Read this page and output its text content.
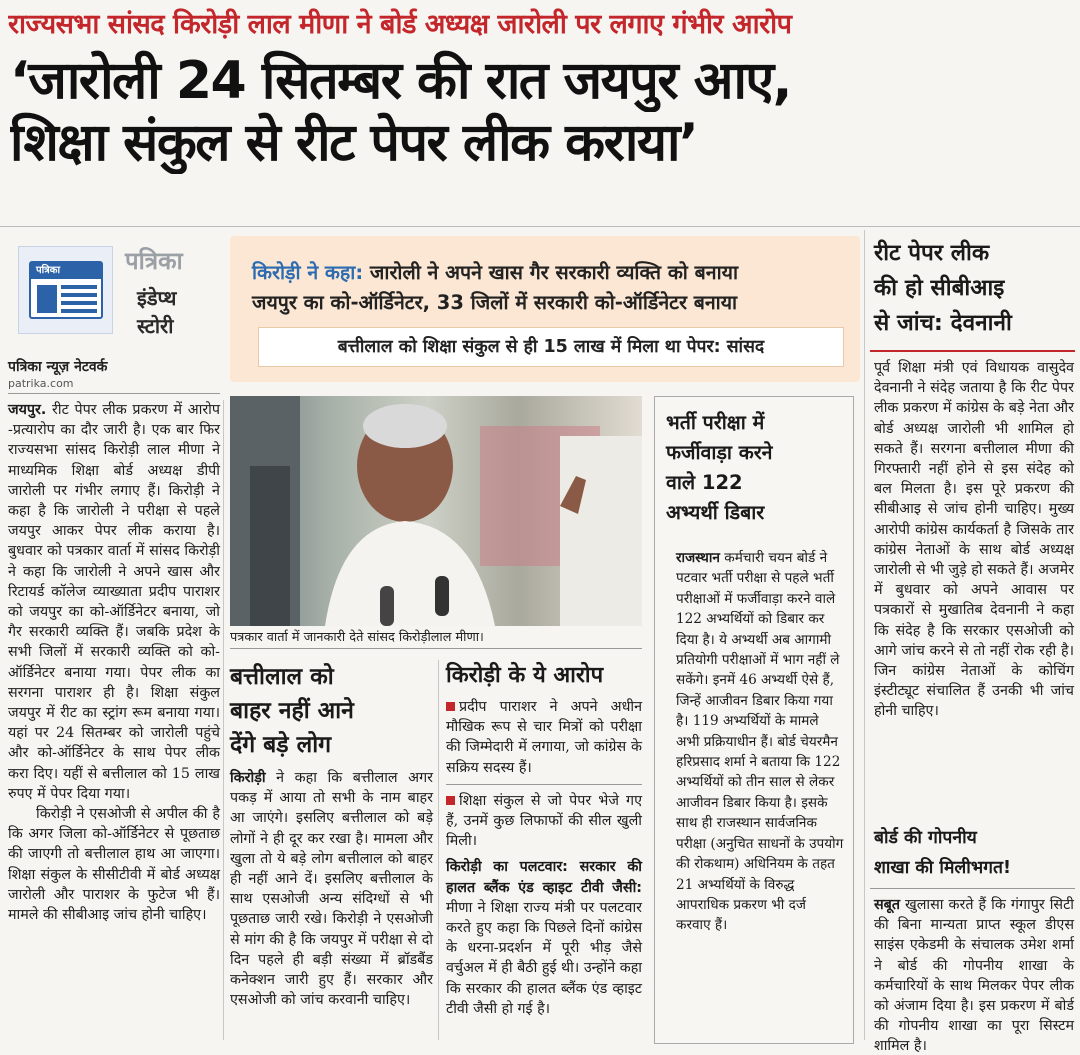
राज्यसभा सांसद किरोड़ी लाल मीणा ने बोर्ड अध्यक्ष जारोली पर लगाए गंभीर आरोप
‘जारोली 24 सितम्बर की रात जयपुर आए,
शिक्षा संकुल से रीट पेपर लीक कराया’
पत्रिका	पत्रिका
इंडेप्थ
स्टोरी
पत्रिका न्यूज़ नेटवर्क
patrika.com
किरोड़ी ने कहा: जारोली ने अपने खास गैर सरकारी व्यक्ति को बनाया
जयपुर का को-ऑर्डिनेटर, 33 जिलों में सरकारी को-ऑर्डिनेटर बनाया
बत्तीलाल को शिक्षा संकुल से ही 15 लाख में मिला था पेपर: सांसद
पत्रकार वार्ता में जानकारी देते सांसद किरोड़ीलाल मीणा।

जयपुर. रीट पेपर लीक प्रकरण में आरोप -प्रत्यारोप का दौर जारी है। एक बार फिर राज्यसभा सांसद किरोड़ी लाल मीणा ने माध्यमिक शिक्षा बोर्ड अध्यक्ष डीपी जारोली पर गंभीर लगाए हैं। किरोड़ी ने कहा है कि जारोली ने परीक्षा से पहले जयपुर आकर पेपर लीक कराया है। बुधवार को पत्रकार वार्ता में सांसद किरोड़ी ने कहा कि जारोली ने अपने खास और रिटायर्ड कॉलेज व्याख्याता प्रदीप पाराशर को जयपुर का को-ऑर्डिनेटर बनाया, जो गैर सरकारी व्यक्ति हैं। जबकि प्रदेश के सभी जिलों में सरकारी व्यक्ति को को-ऑर्डिनेटर बनाया गया। पेपर लीक का सरगना पाराशर ही है। शिक्षा संकुल जयपुर में रीट का स्ट्रांग रूम बनाया गया। यहां पर 24 सितम्बर को जारोली पहुंचे और को-ऑर्डिनेटर के साथ पेपर लीक करा दिए। यहीं से बत्तीलाल को 15 लाख रुपए में पेपर दिया गया।

किरोड़ी ने एसओजी से अपील की है कि अगर जिला को-ऑर्डिनेटर से पूछताछ की जाएगी तो बत्तीलाल हाथ आ जाएगा। शिक्षा संकुल के सीसीटीवी में बोर्ड अध्यक्ष जारोली और पाराशर के फुटेज भी हैं।मामले की सीबीआइ जांच होनी चाहिए।

बत्तीलाल को
बाहर नहीं आने
देंगे बड़े लोग

किरोड़ी ने कहा कि बत्तीलाल अगर पकड़ में आया तो सभी के नाम बाहर आ जाएंगे। इसलिए बत्तीलाल को बड़े लोगों ने ही दूर कर रखा है। मामला और खुला तो ये बड़े लोग बत्तीलाल को बाहर ही नहीं आने दें। इसलिए बत्तीलाल के साथ एसओजी अन्य संदिग्धों से भी पूछताछ जारी रखे। किरोड़ी ने एसओजी से मांग की है कि जयपुर में परीक्षा से दो दिन पहले ही बड़ी संख्या में ब्रॉडबैंड कनेक्शन जारी हुए हैं। सरकार और एसओजी को जांच करवानी चाहिए।

किरोड़ी के ये आरोप

प्रदीप पाराशर ने अपने अधीन मौखिक रूप से चार मित्रों को परीक्षा की जिम्मेदारी में लगाया, जो कांग्रेस के सक्रिय सदस्य हैं।

शिक्षा संकुल से जो पेपर भेजे गए हैं, उनमें कुछ लिफाफों की सील खुली मिली।

किरोड़ी का पलटवार: सरकार की हालत ब्लैंक एंड व्हाइट टीवी जैसी: मीणा ने शिक्षा राज्य मंत्री पर पलटवार करते हुए कहा कि पिछले दिनों कांग्रेस के धरना-प्रदर्शन में पूरी भीड़ जैसे वर्चुअल में ही बैठी हुई थी। उन्होंने कहा कि सरकार की हालत ब्लैंक एंड व्हाइट टीवी जैसी हो गई है।

भर्ती परीक्षा में
फर्जीवाड़ा करने
वाले 122
अभ्यर्थी डिबार

राजस्थान कर्मचारी चयन बोर्ड ने पटवार भर्ती परीक्षा से पहले भर्ती परीक्षाओं में फर्जीवाड़ा करने वाले 122 अभ्यर्थियों को डिबार कर दिया है। ये अभ्यर्थी अब आगामी प्रतियोगी परीक्षाओं में भाग नहीं ले सकेंगे। इनमें 46 अभ्यर्थी ऐसे हैं, जिन्हें आजीवन डिबार किया गया है। 119 अभ्यर्थियों के मामले अभी प्रक्रियाधीन हैं। बोर्ड चेयरमैन हरिप्रसाद शर्मा ने बताया कि 122 अभ्यर्थियों को तीन साल से लेकर आजीवन डिबार किया है। इसके साथ ही राजस्थान सार्वजनिक परीक्षा (अनुचित साधनों के उपयोग की रोकथाम) अधिनियम के तहत 21 अभ्यर्थियों के विरुद्ध आपराधिक प्रकरण भी दर्ज करवाए हैं।

रीट पेपर लीक
की हो सीबीआइ
से जांच: देवनानी

पूर्व शिक्षा मंत्री एवं विधायक वासुदेव देवनानी ने संदेह जताया है कि रीट पेपर लीक प्रकरण में कांग्रेस के बड़े नेता और बोर्ड अध्यक्ष जारोली भी शामिल हो सकते हैं। सरगना बत्तीलाल मीणा की गिरफ्तारी नहीं होने से इस संदेह को बल मिलता है। इस पूरे प्रकरण की सीबीआइ से जांच होनी चाहिए। मुख्य आरोपी कांग्रेस कार्यकर्ता है जिसके तार कांग्रेस नेताओं के साथ बोर्ड अध्यक्ष जारोली से भी जुड़े हो सकते हैं। अजमेर में बुधवार को अपने आवास पर पत्रकारों से मुखातिब देवनानी ने कहा कि संदेह है कि सरकार एसओजी को आगे जांच करने से तो नहीं रोक रही है। जिन कांग्रेस नेताओं के कोचिंग इंस्टीट्यूट संचालित हैं उनकी भी जांच होनी चाहिए।

बोर्ड की गोपनीय
शाखा की मिलीभगत!

सबूत खुलासा करते हैं कि गंगापुर सिटी की बिना मान्यता प्राप्त स्कूल डीएस साइंस एकेडमी के संचालक उमेश शर्मा ने बोर्ड की गोपनीय शाखा के कर्मचारियों के साथ मिलकर पेपर लीक को अंजाम दिया है। इस प्रकरण में बोर्ड की गोपनीय शाखा का पूरा सिस्टम शामिल है।
